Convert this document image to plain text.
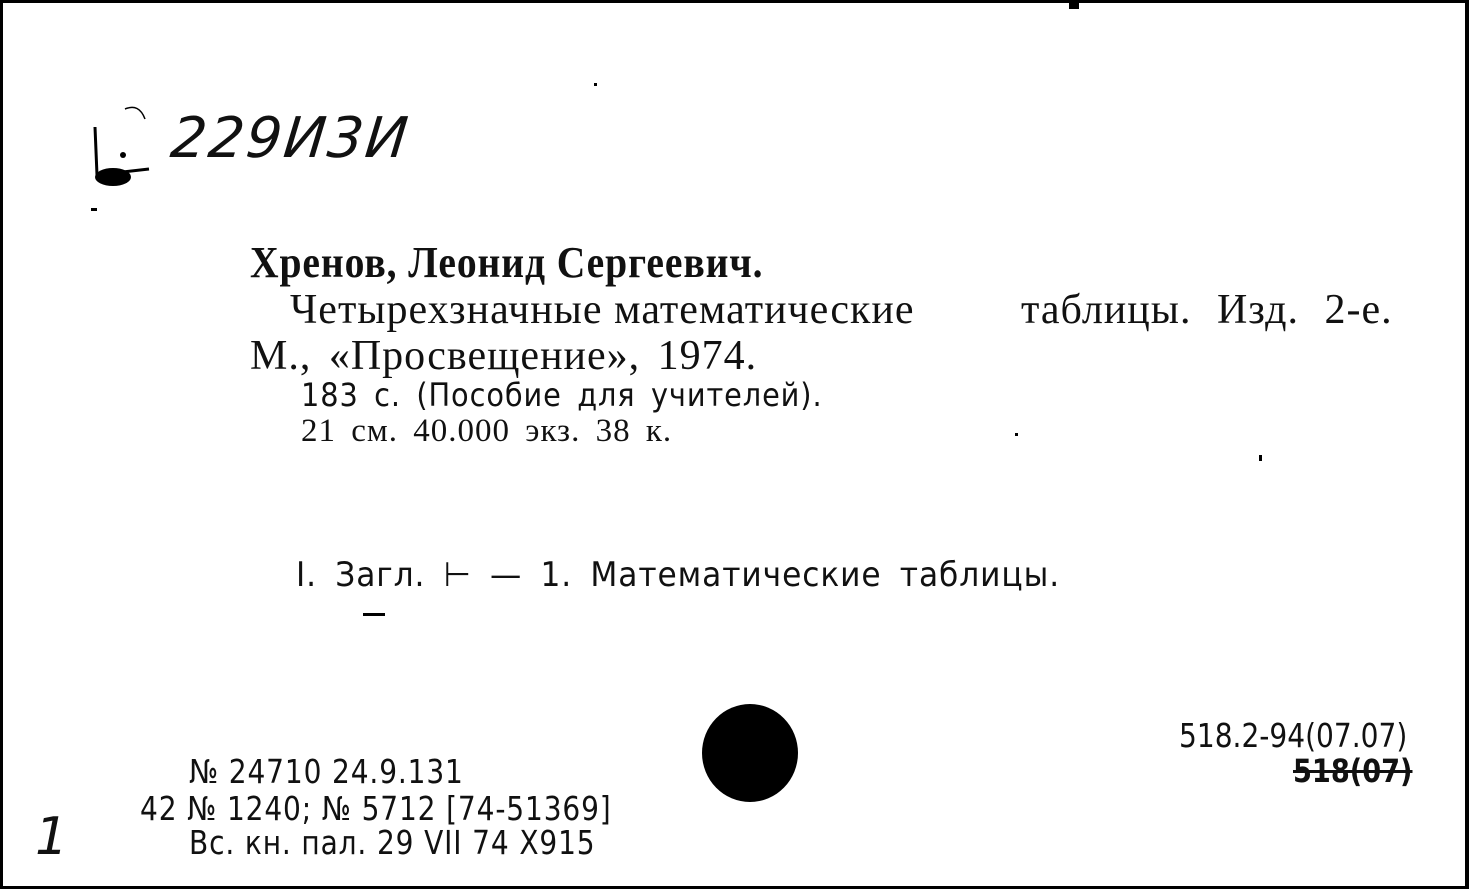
229И3И
Хренов, Леонид Сергеевич.
Четырехзначные математические	таблицы. Изд. 2-е.
М., «Просвещение», 1974.
183 с. (Пособие для учителей).
21 см. 40.000 экз. 38 к.
I. Загл. ⊢ — 1. Математические таблицы.
№ 24710 24.9.131
42 № 1240; № 5712 [74-51369]
Вс. кн. пал. 29 VII 74 X915
518.2-94(07.07)
518(07)
1
